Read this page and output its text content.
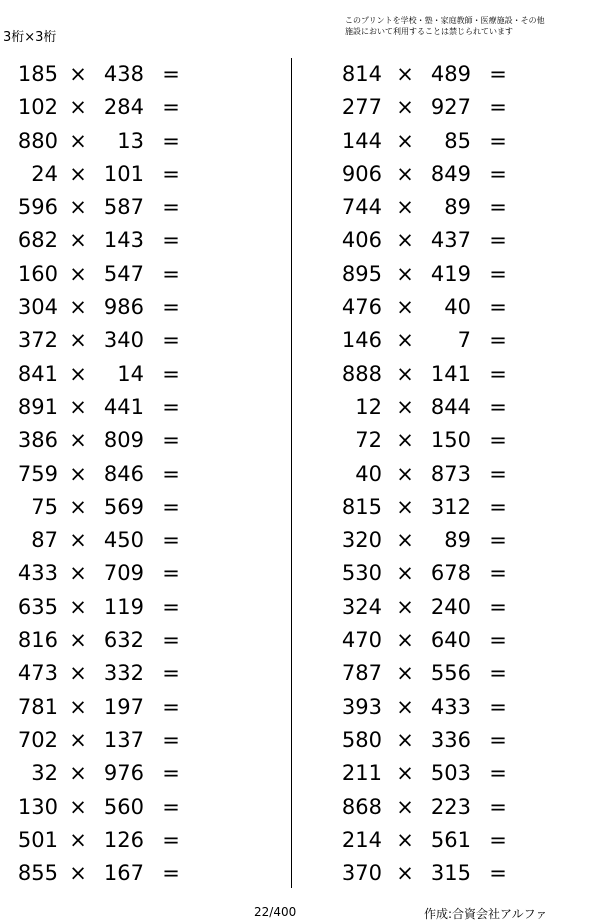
3桁×3桁
このプリントを学校・塾・家庭教師・医療施設・その他
施設において利用することは禁じられています
185 × 438 =
102 × 284 =
880 ×	13 =
24 × 101 =
596 × 587 =
682 × 143 =
160 × 547 =
304 × 986 =
372 × 340 =
841 ×	14 =
891 × 441 =
386 × 809 =
759 × 846 =
75 × 569 =
87 × 450 =
433 × 709 =
635 × 119 =
816 × 632 =
473 × 332 =
781 × 197 =
702 × 137 =
32 × 976 =
130 × 560 =
501 × 126 =
855 × 167 =
814 × 489 =
277 × 927 =
144 ×	85 =
906 × 849 =
744 ×	89 =
406 × 437 =
895 × 419 =
476 ×	40 =
146 ×	7 =
888 × 141 =
12 × 844 =
72 × 150 =
40 × 873 =
815 × 312 =
320 ×	89 =
530 × 678 =
324 × 240 =
470 × 640 =
787 × 556 =
393 × 433 =
580 × 336 =
211 × 503 =
868 × 223 =
214 × 561 =
370 × 315 =
22/400	作成:合資会社アルファ
